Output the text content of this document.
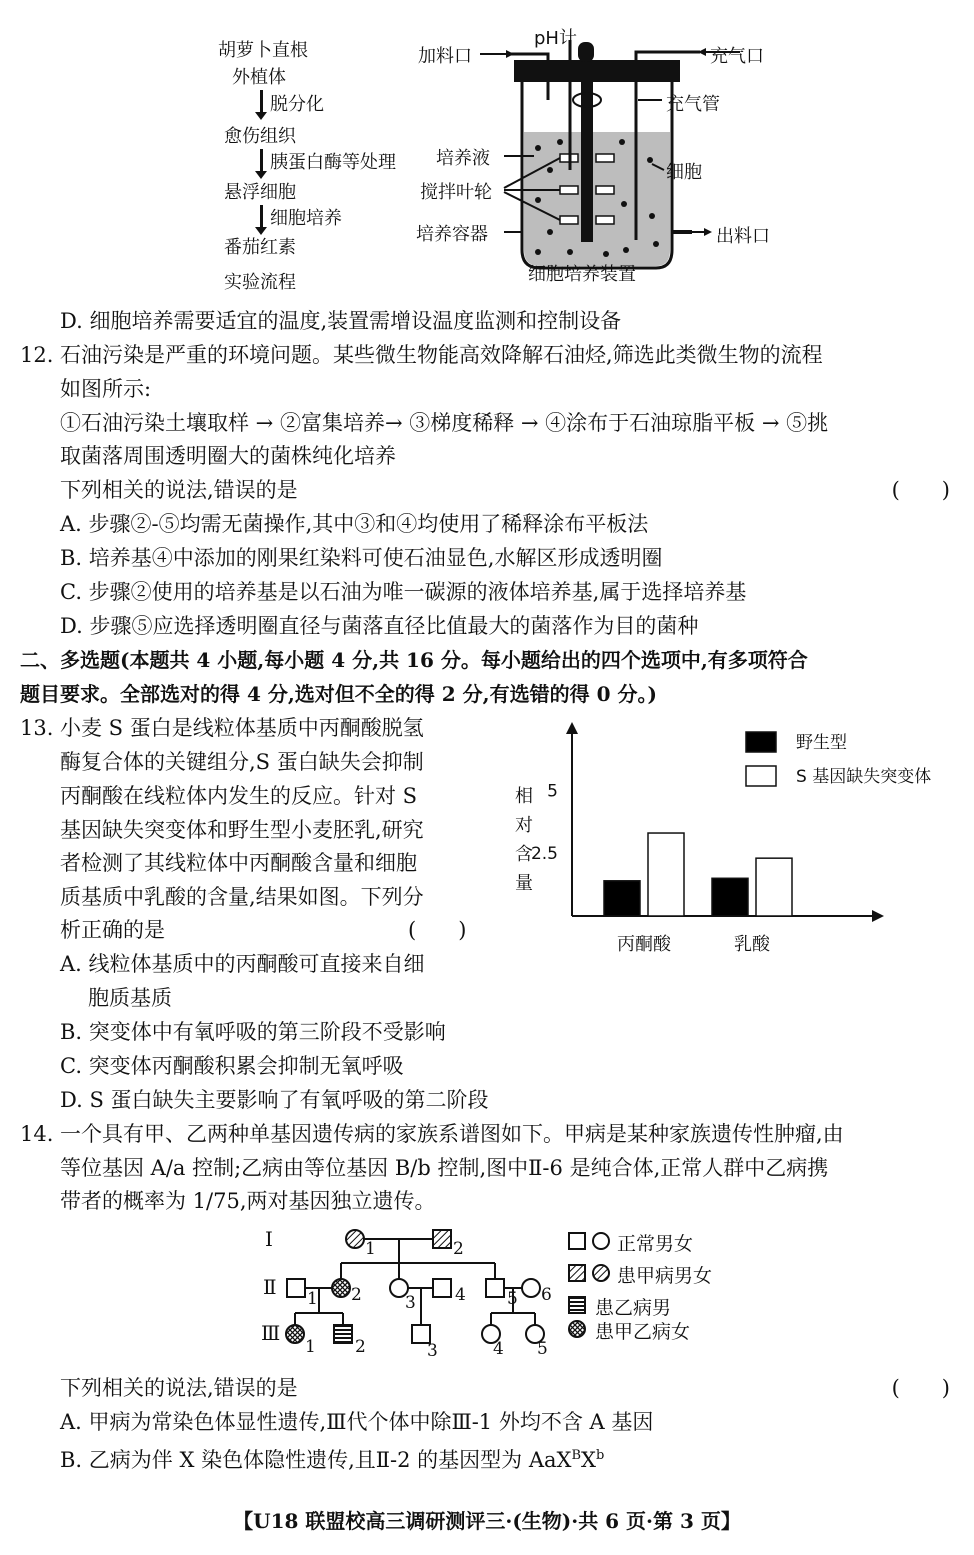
胡萝卜直根
外植体
脱分化
愈伤组织
胰蛋白酶等处理
悬浮细胞
细胞培养
番茄红素
实验流程
加料口
pH计
充气口
充气管
培养液
搅拌叶轮
细胞
培养容器	出料口
细胞培养装置
D. 细胞培养需要适宜的温度,装置需增设温度监测和控制设备
12. 石油污染是严重的环境问题。某些微生物能高效降解石油烃,筛选此类微生物的流程
如图所示:
①石油污染土壤取样 → ②富集培养→ ③梯度稀释 → ④涂布于石油琼脂平板 → ⑤挑
取菌落周围透明圈大的菌株纯化培养
下列相关的说法,错误的是	(　　)
A. 步骤②-⑤均需无菌操作,其中③和④均使用了稀释涂布平板法
B. 培养基④中添加的刚果红染料可使石油显色,水解区形成透明圈
C. 步骤②使用的培养基是以石油为唯一碳源的液体培养基,属于选择培养基
D. 步骤⑤应选择透明圈直径与菌落直径比值最大的菌落作为目的菌种
二、多选题(本题共 4 小题,每小题 4 分,共 16 分。每小题给出的四个选项中,有多项符合
题目要求。全部选对的得 4 分,选对但不全的得 2 分,有选错的得 0 分。)
13. 小麦 S 蛋白是线粒体基质中丙酮酸脱氢
酶复合体的关键组分,S 蛋白缺失会抑制
丙酮酸在线粒体内发生的反应。针对 S
基因缺失突变体和野生型小麦胚乳,研究
者检测了其线粒体中丙酮酸含量和细胞
质基质中乳酸的含量,结果如图。下列分
析正确的是	(　　)
A. 线粒体基质中的丙酮酸可直接来自细
胞质基质
B. 突变体中有氧呼吸的第三阶段不受影响
C. 突变体丙酮酸积累会抑制无氧呼吸
D. S 蛋白缺失主要影响了有氧呼吸的第二阶段
相
对
含
量
2.5
5
丙酮酸	乳酸
野生型
S 基因缺失突变体
14. 一个具有甲、乙两种单基因遗传病的家族系谱图如下。甲病是某种家族遗传性肿瘤,由
等位基因 A/a 控制;乙病由等位基因 B/b 控制,图中Ⅱ-6 是纯合体,正常人群中乙病携
带者的概率为 1/75,两对基因独立遗传。
Ⅰ
Ⅱ
Ⅲ
1	2
1 2	3 4 5 6
1 2	3	4 5
正常男女
患甲病男女
患乙病男
患甲乙病女
下列相关的说法,错误的是	(　　)
A. 甲病为常染色体显性遗传,Ⅲ代个体中除Ⅲ-1 外均不含 A 基因
B. 乙病为伴 X 染色体隐性遗传,且Ⅱ-2 的基因型为 $AaX^BX^b$
【U18 联盟校高三调研测评三·(生物)·共 6 页·第 3 页】
